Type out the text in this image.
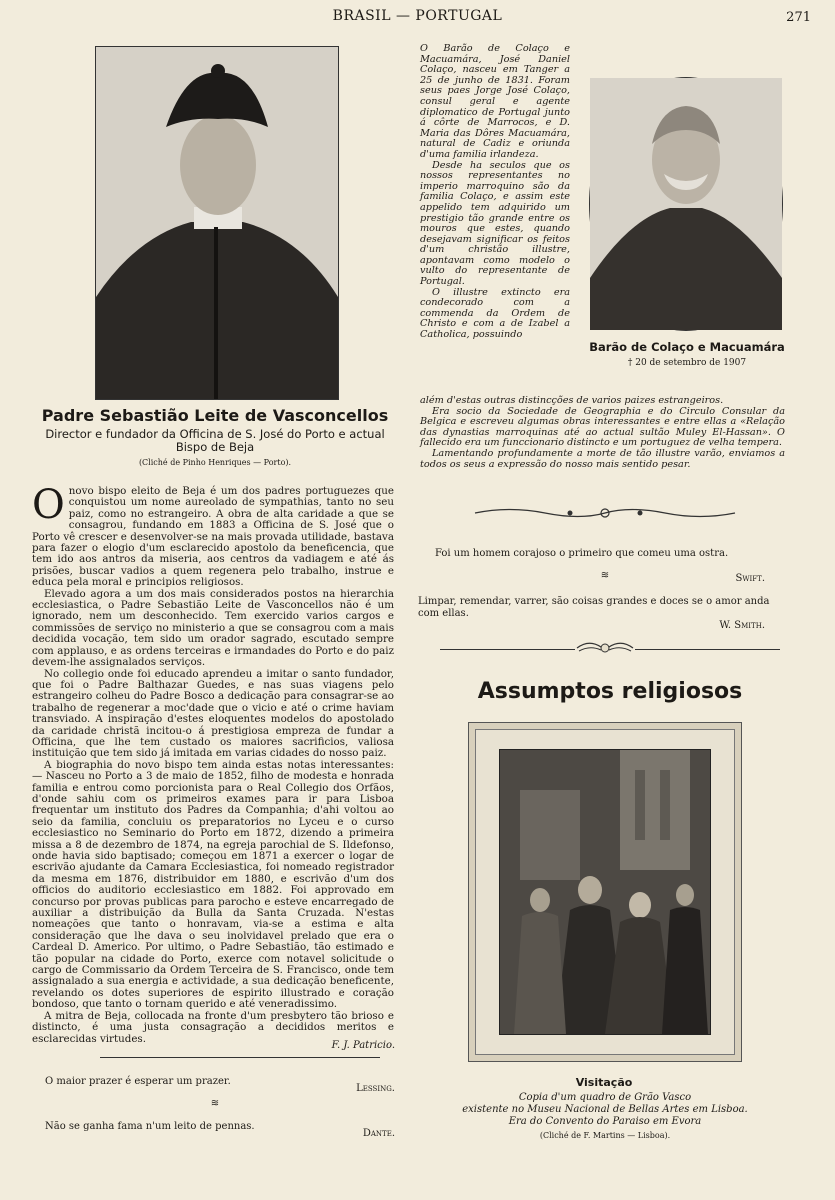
BRASIL — PORTUGAL	271
Padre Sebastião Leite de Vasconcellos
Director e fundador da Officina de S. José do Porto e actual Bispo de Beja
(Cliché de Pinho Henriques — Porto).

Onovo bispo eleito de Beja é um dos padres portuguezes que conquistou um nome aureolado de sympathias, tanto no seu paiz, como no estrangeiro. A obra de alta caridade a que se consagrou, fundando em 1883 a Officina de S. José que o Porto vê crescer e desenvolver-se na mais provada utilidade, bastava para fazer o elogio d'um esclarecido apostolo da beneficencia, que tem ido aos antros da miseria, aos centros da vadiagem e até ás prisões, buscar vadios a quem regenera pelo trabalho, instrue e educa pela moral e principios religiosos.

Elevado agora a um dos mais considerados postos na hierarchia ecclesiastica, o Padre Sebastião Leite de Vasconcellos não é um ignorado, nem um desconhecido. Tem exercido varios cargos e commissões de serviço no ministerio a que se consagrou com a mais decidida vocação, tem sido um orador sagrado, escutado sempre com applauso, e as ordens terceiras e irmandades do Porto e do paiz devem-lhe assignalados serviços.

No collegio onde foi educado aprendeu a imitar o santo fundador, que foi o Padre Balthazar Guedes, e nas suas viagens pelo estrangeiro colheu do Padre Bosco a dedicação para consagrar-se ao trabalho de regenerar a moc'dade que o vicio e até o crime haviam transviado. A inspiração d'estes eloquentes modelos do apostolado da caridade christã incitou-o á prestigiosa empreza de fundar a Officina, que lhe tem custado os maiores sacrificios, valiosa instituição que tem sido já imitada em varias cidades do nosso paiz.

A biographia do novo bispo tem ainda estas notas interessantes: — Nasceu no Porto a 3 de maio de 1852, filho de modesta e honrada familia e entrou como porcionista para o Real Collegio dos Orfãos, d'onde sahiu com os primeiros exames para ir para Lisboa frequentar um instituto dos Padres da Companhia; d'ahi voltou ao seio da familia, concluiu os preparatorios no Lyceu e o curso ecclesiastico no Seminario do Porto em 1872, dizendo a primeira missa a 8 de dezembro de 1874, na egreja parochial de S. Ildefonso, onde havia sido baptisado; começou em 1871 a exercer o logar de escrivão ajudante da Camara Ecclesiastica, foi nomeado registrador da mesma em 1876, distribuidor em 1880, e escrivão d'um dos officios do auditorio ecclesiastico em 1882. Foi approvado em concurso por provas publicas para parocho e esteve encarregado de auxiliar a distribuição da Bulla da Santa Cruzada. N'estas nomeações que tanto o honravam, via-se a estima e alta consideração que lhe dava o seu inolvidavel prelado que era o Cardeal D. Americo. Por ultimo, o Padre Sebastião, tão estimado e tão popular na cidade do Porto, exerce com notavel solicitude o cargo de Commissario da Ordem Terceira de S. Francisco, onde tem assignalado a sua energia e actividade, a sua dedicação beneficente, revelando os dotes superiores de espirito illustrado e coração bondoso, que tanto o tornam querido e até veneradissimo.

A mitra de Beja, collocada na fronte d'um presbytero tão brioso e distincto, é uma justa consagração a decididos meritos e esclarecidas virtudes.

F. J. Patricio.
O maior prazer é esperar um prazer.
Lessing.
≋
Não se ganha fama n'um leito de pennas.
Dante.

O Barão de Colaço e Macuamára, José Daniel Colaço, nasceu em Tanger a 25 de junho de 1831. Foram seus paes Jorge José Colaço, consul geral e agente diplomatico de Portugal junto á côrte de Marrocos, e D. Maria das Dôres Macuamára, natural de Cadiz e oriunda d'uma familia irlandeza.

Desde ha seculos que os nossos representantes no imperio marroquino são da familia Colaço, e assim este appelido tem adquirido um prestigio tão grande entre os mouros que estes, quando desejavam significar os feitos d'um christão illustre, apontavam como modelo o vulto do representante de Portugal.

O illustre extincto era condecorado com a commenda da Ordem de Christo e com a de Izabel a Catholica, possuindo

Barão de Colaço e Macuamára
† 20 de setembro de 1907

além d'estas outras distincções de varios paizes estrangeiros.

Era socio da Sociedade de Geographia e do Circulo Consular da Belgica e escreveu algumas obras interessantes e entre ellas a «Relação das dynastias marroquinas até ao actual sultão Muley El-Hassan». O fallecido era um funccionario distincto e um portuguez de velha tempera.

Lamentando profundamente a morte de tão illustre varão, enviamos a todos os seus a expressão do nosso mais sentido pesar.

Foi um homem corajoso o primeiro que comeu uma ostra.
≋	Swift.
Limpar, remendar, varrer, são coisas grandes e doces se o amor anda com ellas.
W. Smith.
Assumptos religiosos
Visitação
Copia d'um quadro de Grão Vasco
existente no Museu Nacional de Bellas Artes em Lisboa.
Era do Convento do Paraiso em Evora
(Cliché de F. Martins — Lisboa).
